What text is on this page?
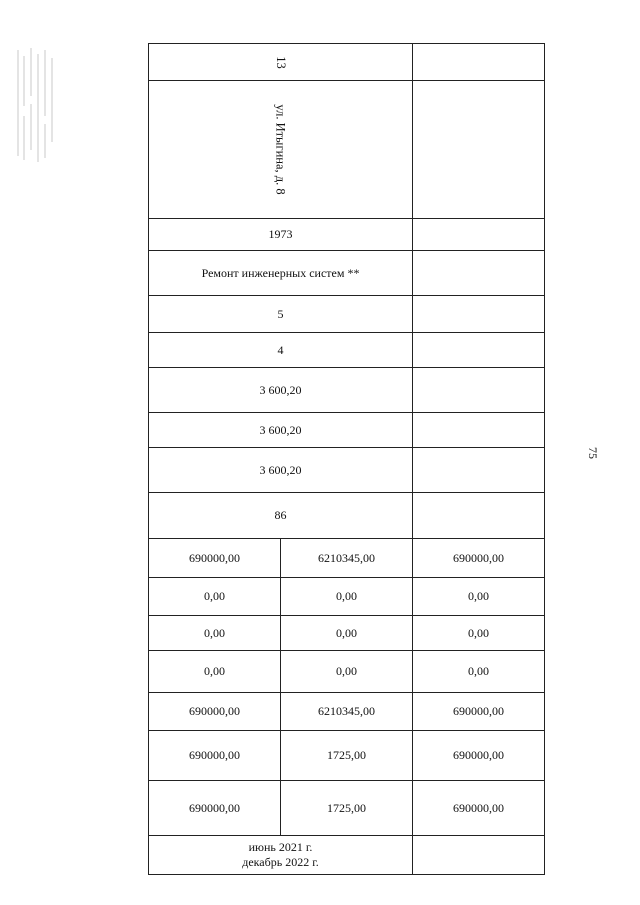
75
13
ул. Итыгина, д. 8
1973
Ремонт инженерных систем **
5
4
3 600,20
3 600,20
3 600,20
86
690000,00	6210345,00	690000,00
0,00	0,00	0,00
0,00	0,00	0,00
0,00	0,00	0,00
690000,00	6210345,00	690000,00
690000,00	1725,00	690000,00
690000,00	1725,00	690000,00
июнь 2021 г.
декабрь 2022 г.
